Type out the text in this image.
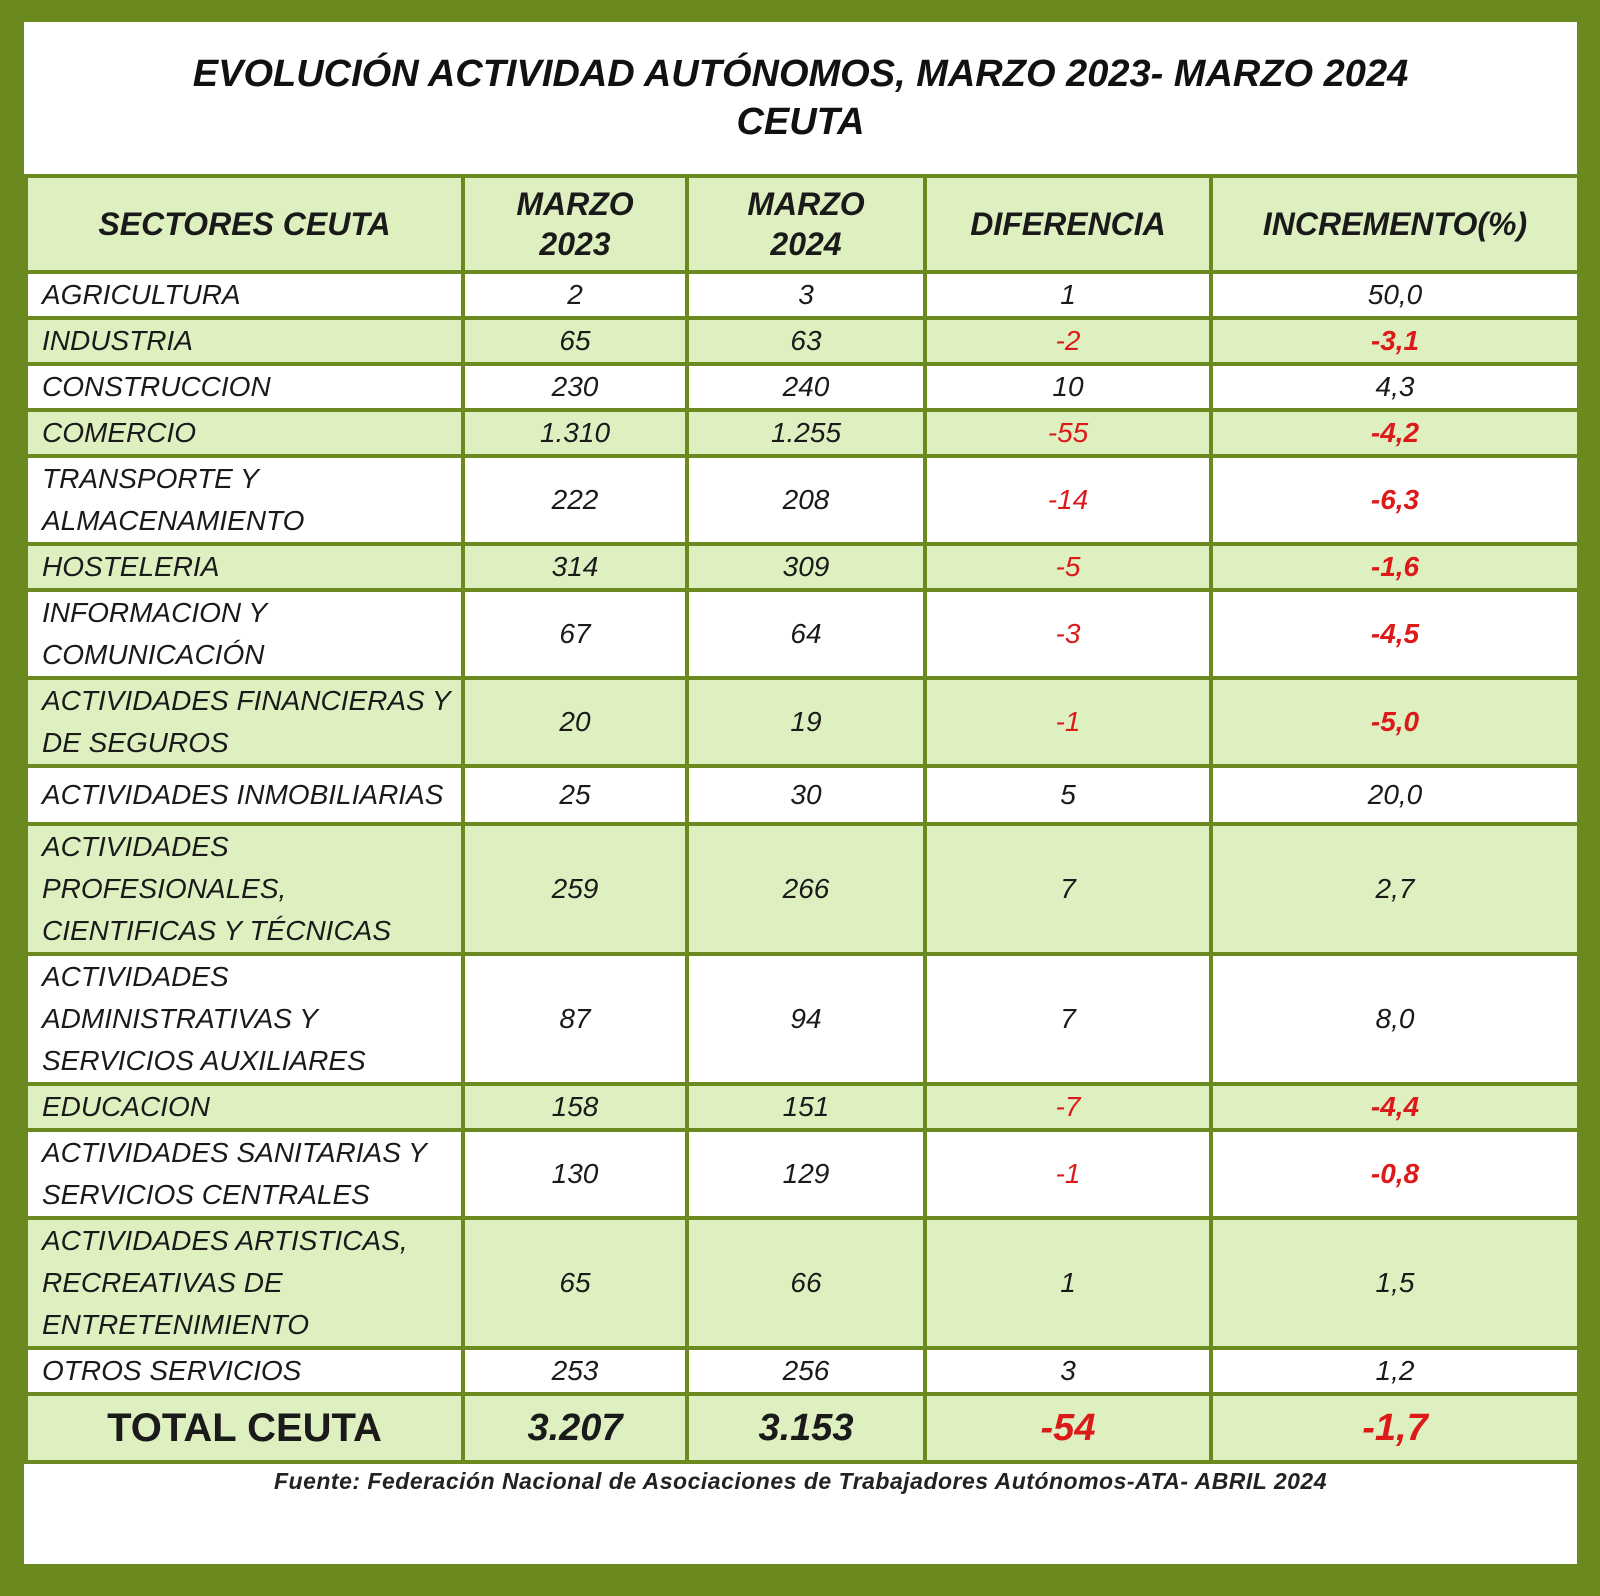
EVOLUCIÓN ACTIVIDAD AUTÓNOMOS, MARZO 2023- MARZO 2024
CEUTA
SECTORES CEUTA	MARZO 2023	MARZO 2024	DIFERENCIA	INCREMENTO(%)
AGRICULTURA	2	3	1	50,0
INDUSTRIA	65	63	-2	-3,1
CONSTRUCCION	230	240	10	4,3
COMERCIO	1.310	1.255	-55	-4,2
TRANSPORTE Y ALMACENAMIENTO	222	208	-14	-6,3
HOSTELERIA	314	309	-5	-1,6
INFORMACION Y COMUNICACIÓN	67	64	-3	-4,5
ACTIVIDADES FINANCIERAS Y DE SEGUROS	20	19	-1	-5,0
ACTIVIDADES INMOBILIARIAS	25	30	5	20,0
ACTIVIDADES PROFESIONALES, CIENTIFICAS Y TÉCNICAS	259	266	7	2,7
ACTIVIDADES ADMINISTRATIVAS Y SERVICIOS AUXILIARES	87	94	7	8,0
EDUCACION	158	151	-7	-4,4
ACTIVIDADES SANITARIAS Y SERVICIOS CENTRALES	130	129	-1	-0,8
ACTIVIDADES ARTISTICAS, RECREATIVAS DE ENTRETENIMIENTO	65	66	1	1,5
OTROS SERVICIOS	253	256	3	1,2
TOTAL CEUTA	3.207	3.153	-54	-1,7
Fuente: Federación Nacional de Asociaciones de Trabajadores Autónomos-ATA- ABRIL 2024
